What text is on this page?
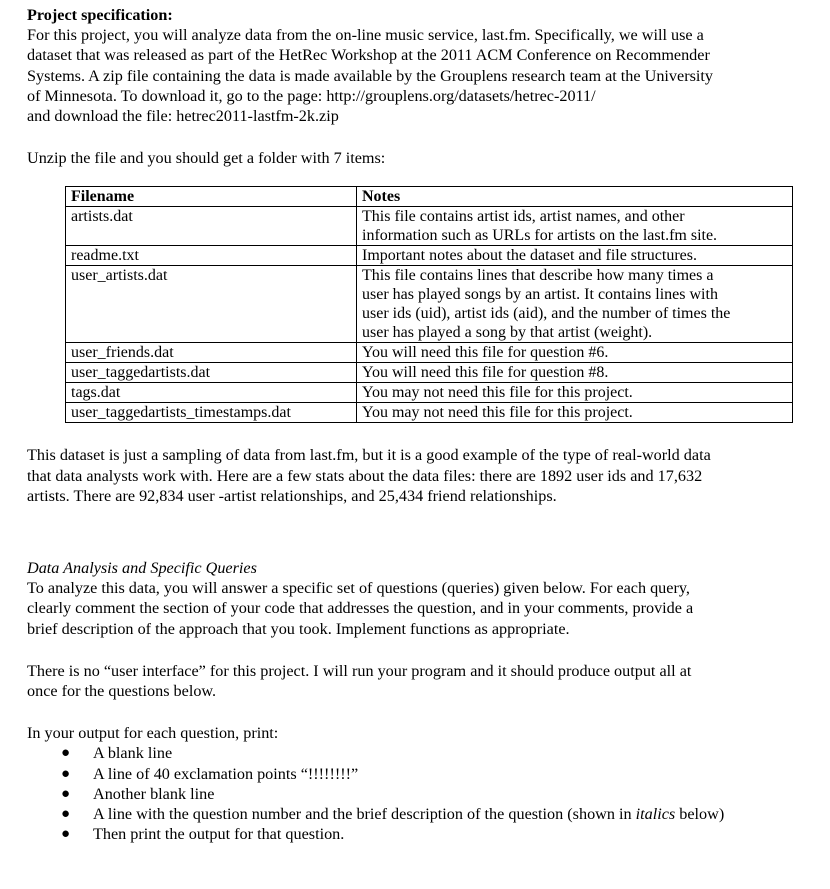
Project specification:

For this project, you will analyze data from the on-line music service, last.fm. Specifically, we will use a

dataset that was released as part of the HetRec Workshop at the 2011 ACM Conference on Recommender

Systems. A zip file containing the data is made available by the Grouplens research team at the University

of Minnesota. To download it, go to the page: http://grouplens.org/datasets/hetrec-2011/

and download the file: hetrec2011-lastfm-2k.zip

Unzip the file and you should get a folder with 7 items:

Filename	Notes
artists.dat	This file contains artist ids, artist names, and other
information such as URLs for artists on the last.fm site.

readme.txt	Important notes about the dataset and file structures.

user_artists.dat	This file contains lines that describe how many times a
user has played songs by an artist. It contains lines with
user ids (uid), artist ids (aid), and the number of times the
user has played a song by that artist (weight).

user_friends.dat	You will need this file for question #6.

user_taggedartists.dat	You will need this file for question #8.

tags.dat	You may not need this file for this project.

user_taggedartists_timestamps.dat	You may not need this file for this project.

This dataset is just a sampling of data from last.fm, but it is a good example of the type of real-world data

that data analysts work with. Here are a few stats about the data files: there are 1892 user ids and 17,632

artists. There are 92,834 user -artist relationships, and 25,434 friend relationships.

Data Analysis and Specific Queries

To analyze this data, you will answer a specific set of questions (queries) given below. For each query,

clearly comment the section of your code that addresses the question, and in your comments, provide a

brief description of the approach that you took. Implement functions as appropriate.

There is no “user interface” for this project. I will run your program and it should produce output all at

once for the questions below.

In your output for each question, print:

● A blank line
● A line of 40 exclamation points “!!!!!!!!”
● Another blank line
● A line with the question number and the brief description of the question (shown in italics below)
● Then print the output for that question.
